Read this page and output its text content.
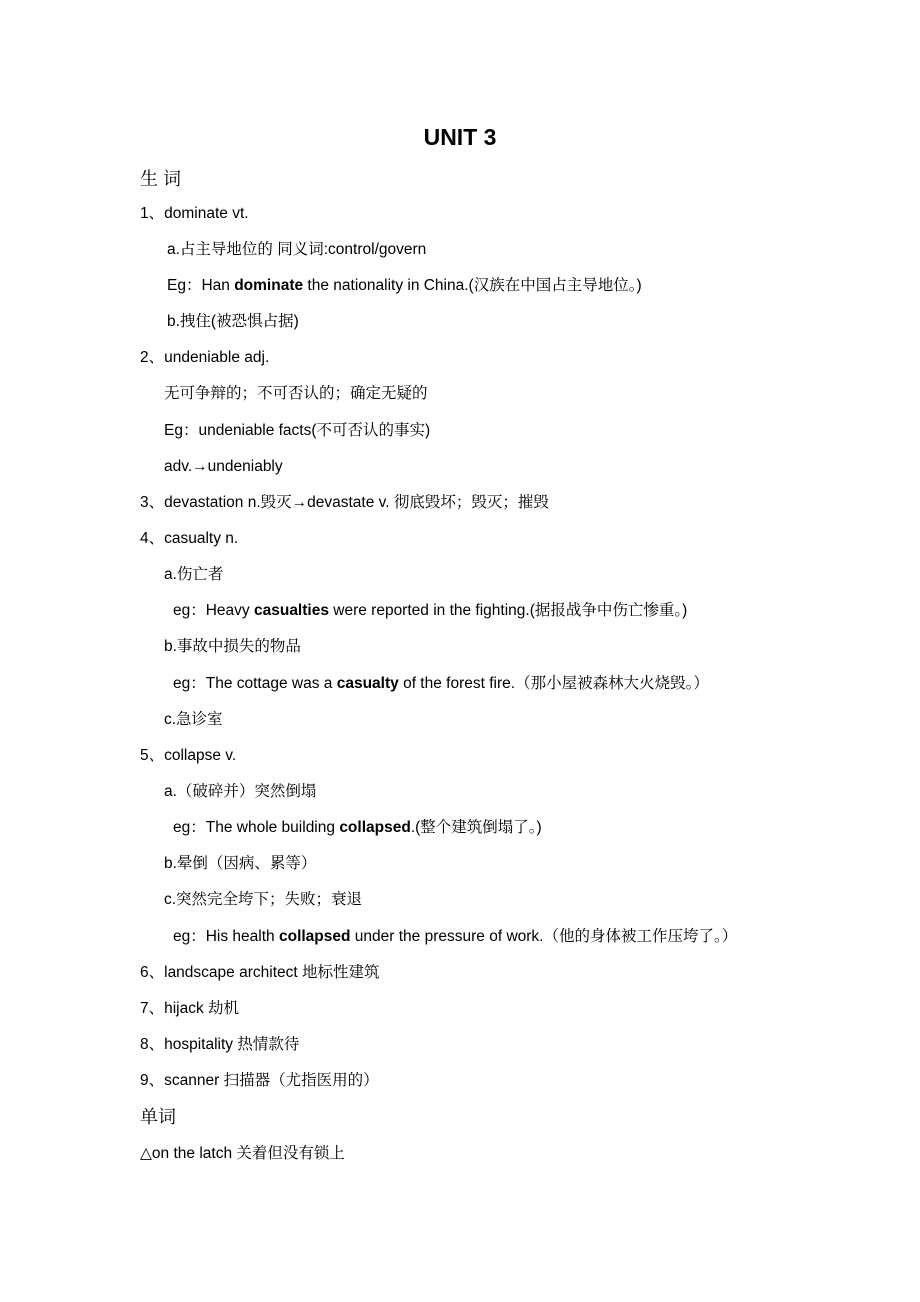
UNIT 3
生 词
1、dominate vt.
a.占主导地位的 同义词:control/govern
Eg：Han dominate the nationality in China.(汉族在中国占主导地位。)
b.拽住(被恐惧占据)
2、undeniable adj.
无可争辩的；不可否认的；确定无疑的
Eg：undeniable facts(不可否认的事实)
adv.→undeniably
3、devastation n.毁灭→devastate v. 彻底毁坏；毁灭；摧毁
4、casualty n.
a.伤亡者
eg：Heavy casualties were reported in the fighting.(据报战争中伤亡惨重。)
b.事故中损失的物品
eg：The cottage was a casualty of the forest fire.（那小屋被森林大火烧毁。）
c.急诊室
5、collapse v.
a.（破碎并）突然倒塌
eg：The whole building collapsed.(整个建筑倒塌了。)
b.晕倒（因病、累等）
c.突然完全垮下；失败；衰退
eg：His health collapsed under the pressure of work.（他的身体被工作压垮了。）
6、landscape architect 地标性建筑
7、hijack 劫机
8、hospitality 热情款待
9、scanner 扫描器（尤指医用的）
单词
△on the latch 关着但没有锁上
